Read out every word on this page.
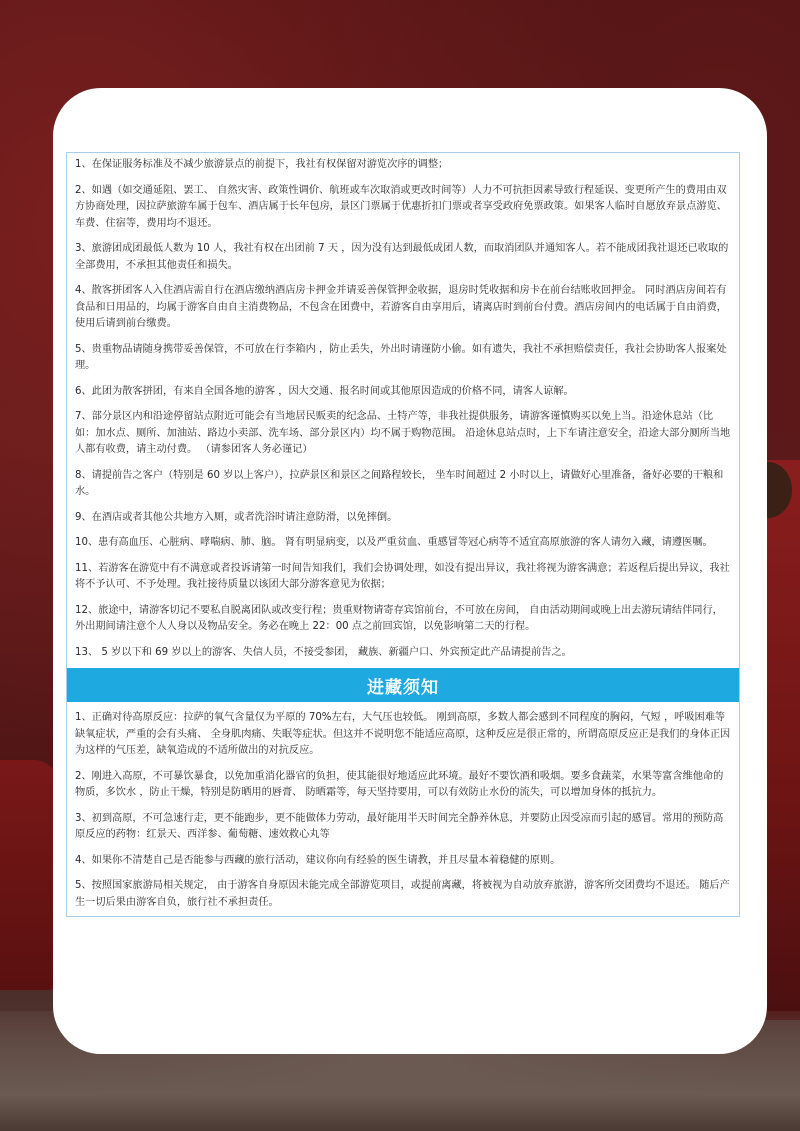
1、在保证服务标准及不减少旅游景点的前提下，我社有权保留对游览次序的调整；

2、如遇（如交通延阻、罢工、 自然灾害、政策性调价、航班或车次取消或更改时间等）人力不可抗拒因素导致行程延误、变更所产生的费用由双方协商处理，因拉萨旅游车属于包车、酒店属于长年包房，景区门票属于优惠折扣门票或者享受政府免票政策。如果客人临时自愿放弃景点游览、车费、住宿等，费用均不退还。

3、旅游团成团最低人数为 10 人，我社有权在出团前 7 天 ，因为没有达到最低成团人数，而取消团队并通知客人。若不能成团我社退还已收取的全部费用，不承担其他责任和损失。

4、散客拼团客人入住酒店需自行在酒店缴纳酒店房卡押金并请妥善保管押金收据，退房时凭收据和房卡在前台结账收回押金。 同时酒店房间若有食品和日用品的，均属于游客自由自主消费物品，不包含在团费中，若游客自由享用后，请离店时到前台付费。酒店房间内的电话属于自由消费，使用后请到前台缴费。

5、贵重物品请随身携带妥善保管，不可放在行李箱内 ，防止丢失，外出时请谨防小偷。如有遗失，我社不承担赔偿责任，我社会协助客人报案处理。

6、此团为散客拼团，有来自全国各地的游客 ，因大交通、报名时间或其他原因造成的价格不同，请客人谅解。

7、部分景区内和沿途停留站点附近可能会有当地居民贩卖的纪念品、土特产等，非我社提供服务，请游客谨慎购买以免上当。沿途休息站（比如：加水点、厕所、加油站、路边小卖部、洗车场、部分景区内）均不属于购物范围。 沿途休息站点时，上下车请注意安全，沿途大部分厕所当地人都有收费，请主动付费。 （请参团客人务必谨记）

8、请提前告之客户（特别是 60 岁以上客户），拉萨景区和景区之间路程较长， 坐车时间超过 2 小时以上，请做好心里准备，备好必要的干粮和水。

9、在酒店或者其他公共地方入厕，或者洗浴时请注意防滑，以免摔倒。

10、患有高血压、心脏病、哮喘病、肺、脑。 肾有明显病变，以及严重贫血、重感冒等冠心病等不适宜高原旅游的客人请勿入藏，请遵医嘱。

11、若游客在游览中有不满意或者投诉请第一时间告知我们，我们会协调处理，如没有提出异议，我社将视为游客满意；若返程后提出异议，我社将不予认可、不予处理。我社接待质量以该团大部分游客意见为依据；

12、旅途中，请游客切记不要私自脱离团队或改变行程；贵重财物请寄存宾馆前台，不可放在房间， 自由活动期间或晚上出去游玩请结伴同行，外出期间请注意个人人身以及物品安全。务必在晚上 22：00 点之前回宾馆，以免影响第二天的行程。

13、 5 岁以下和 69 岁以上的游客、失信人员，不接受参团， 藏族、新疆户口、外宾预定此产品请提前告之。

进藏须知

1、正确对待高原反应：拉萨的氧气含量仅为平原的 70%左右，大气压也较低。 刚到高原，多数人都会感到不同程度的胸闷，气短 ，呼吸困难等缺氧症状，严重的会有头痛、 全身肌肉痛、失眠等症状。但这并不说明您不能适应高原，这种反应是很正常的，所谓高原反应正是我们的身体正因为这样的气压差，缺氧造成的不适所做出的对抗反应。

2、刚进入高原，不可暴饮暴食，以免加重消化器官的负担，使其能很好地适应此环境。最好不要饮酒和吸烟。要多食蔬菜，水果等富含维他命的物质，多饮水 ，防止干燥，特别是防晒用的唇膏、 防晒霜等，每天坚持要用，可以有效防止水份的流失，可以增加身体的抵抗力。

3、初到高原，不可急速行走，更不能跑步，更不能做体力劳动，最好能用半天时间完全静养休息，并要防止因受凉而引起的感冒。常用的预防高原反应的药物：红景天、西洋参、葡萄糖、速效救心丸等

4、如果你不清楚自己是否能参与西藏的旅行活动，建议你向有经验的医生请教，并且尽量本着稳健的原则。

5、按照国家旅游局相关规定， 由于游客自身原因未能完成全部游览项目，或提前离藏，将被视为自动放弃旅游，游客所交团费均不退还。 随后产生一切后果由游客自负，旅行社不承担责任。
